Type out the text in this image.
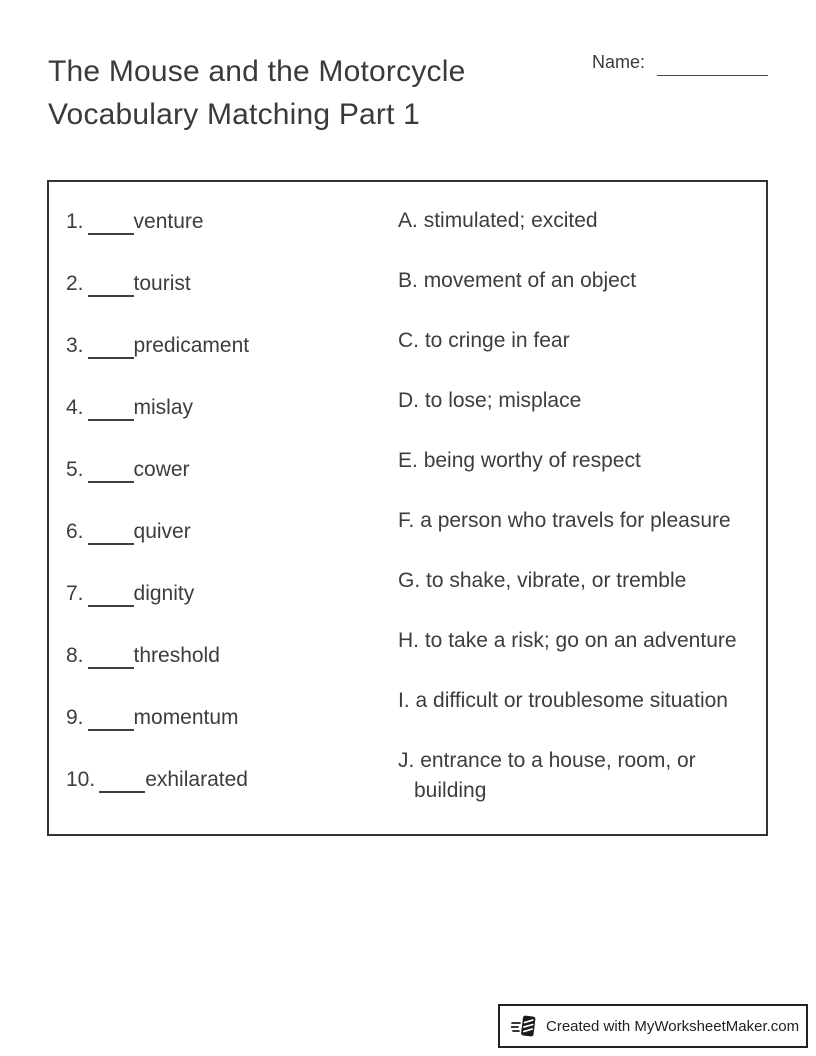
The Mouse and the Motorcycle Vocabulary Matching Part 1
Name:
1. venture
2. tourist
3. predicament
4. mislay
5. cower
6. quiver
7. dignity
8. threshold
9. momentum
10. exhilarated
A. stimulated; excited
B. movement of an object
C. to cringe in fear
D. to lose; misplace
E. being worthy of respect
F. a person who travels for pleasure
G. to shake, vibrate, or tremble
H. to take a risk; go on an adventure
I. a difficult or troublesome situation
J. entrance to a house, room, or building
Created with MyWorksheetMaker.com
